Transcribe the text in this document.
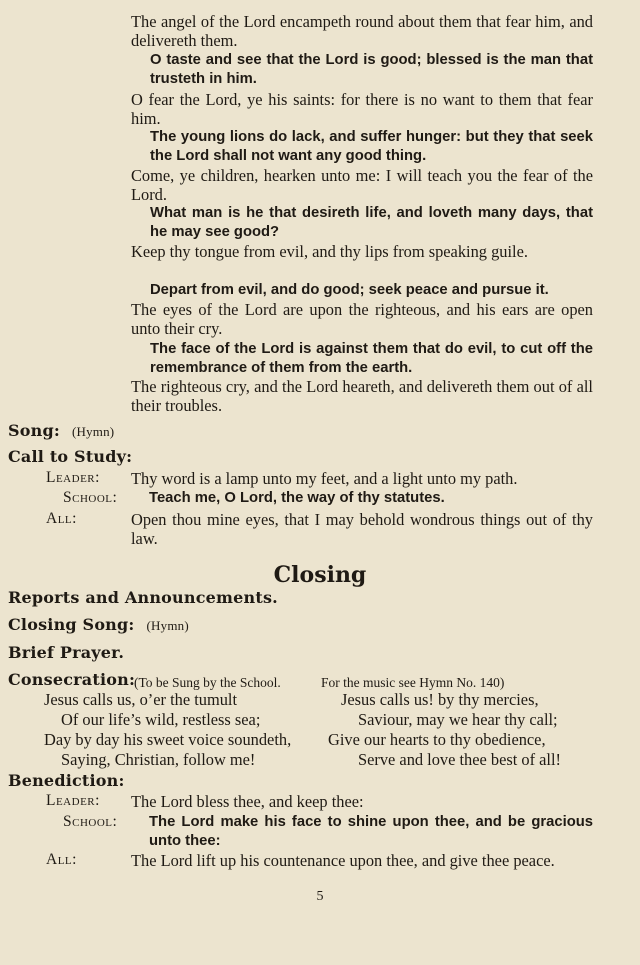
The angel of the Lord encampeth round about them that fear him, and delivereth them.

O taste and see that the Lord is good; blessed is the man that trusteth in him.

O fear the Lord, ye his saints: for there is no want to them that fear him.

The young lions do lack, and suffer hunger: but they that seek the Lord shall not want any good thing.

Come, ye children, hearken unto me: I will teach you the fear of the Lord.

What man is he that desireth life, and loveth many days, that he may see good?

Keep thy tongue from evil, and thy lips from speaking guile.

Depart from evil, and do good; seek peace and pursue it.

The eyes of the Lord are upon the righteous, and his ears are open unto their cry.

The face of the Lord is against them that do evil, to cut off the remembrance of them from the earth.

The righteous cry, and the Lord heareth, and delivereth them out of all their troubles.

Song: (Hymn)
Call to Study:
Leader: Thy word is a lamp unto my feet, and a light unto my path.

School: Teach me, O Lord, the way of thy statutes.

All:	Open thou mine eyes, that I may behold wondrous things out of thy law.

Closing
Reports and Announcements.
Closing Song: (Hymn)
Brief Prayer.
Consecration:
(To be Sung by the School.	For the music see Hymn No. 140)
Jesus calls us, o’er the tumult
Of our life’s wild, restless sea;
Day by day his sweet voice soundeth,
Saying, Christian, follow me!
Jesus calls us! by thy mercies,
Saviour, may we hear thy call;
Give our hearts to thy obedience,
Serve and love thee best of all!
Benediction:
Leader: The Lord bless thee, and keep thee:

School: The Lord make his face to shine upon thee, and be gracious unto thee:

All:	The Lord lift up his countenance upon thee, and give thee peace.

5
